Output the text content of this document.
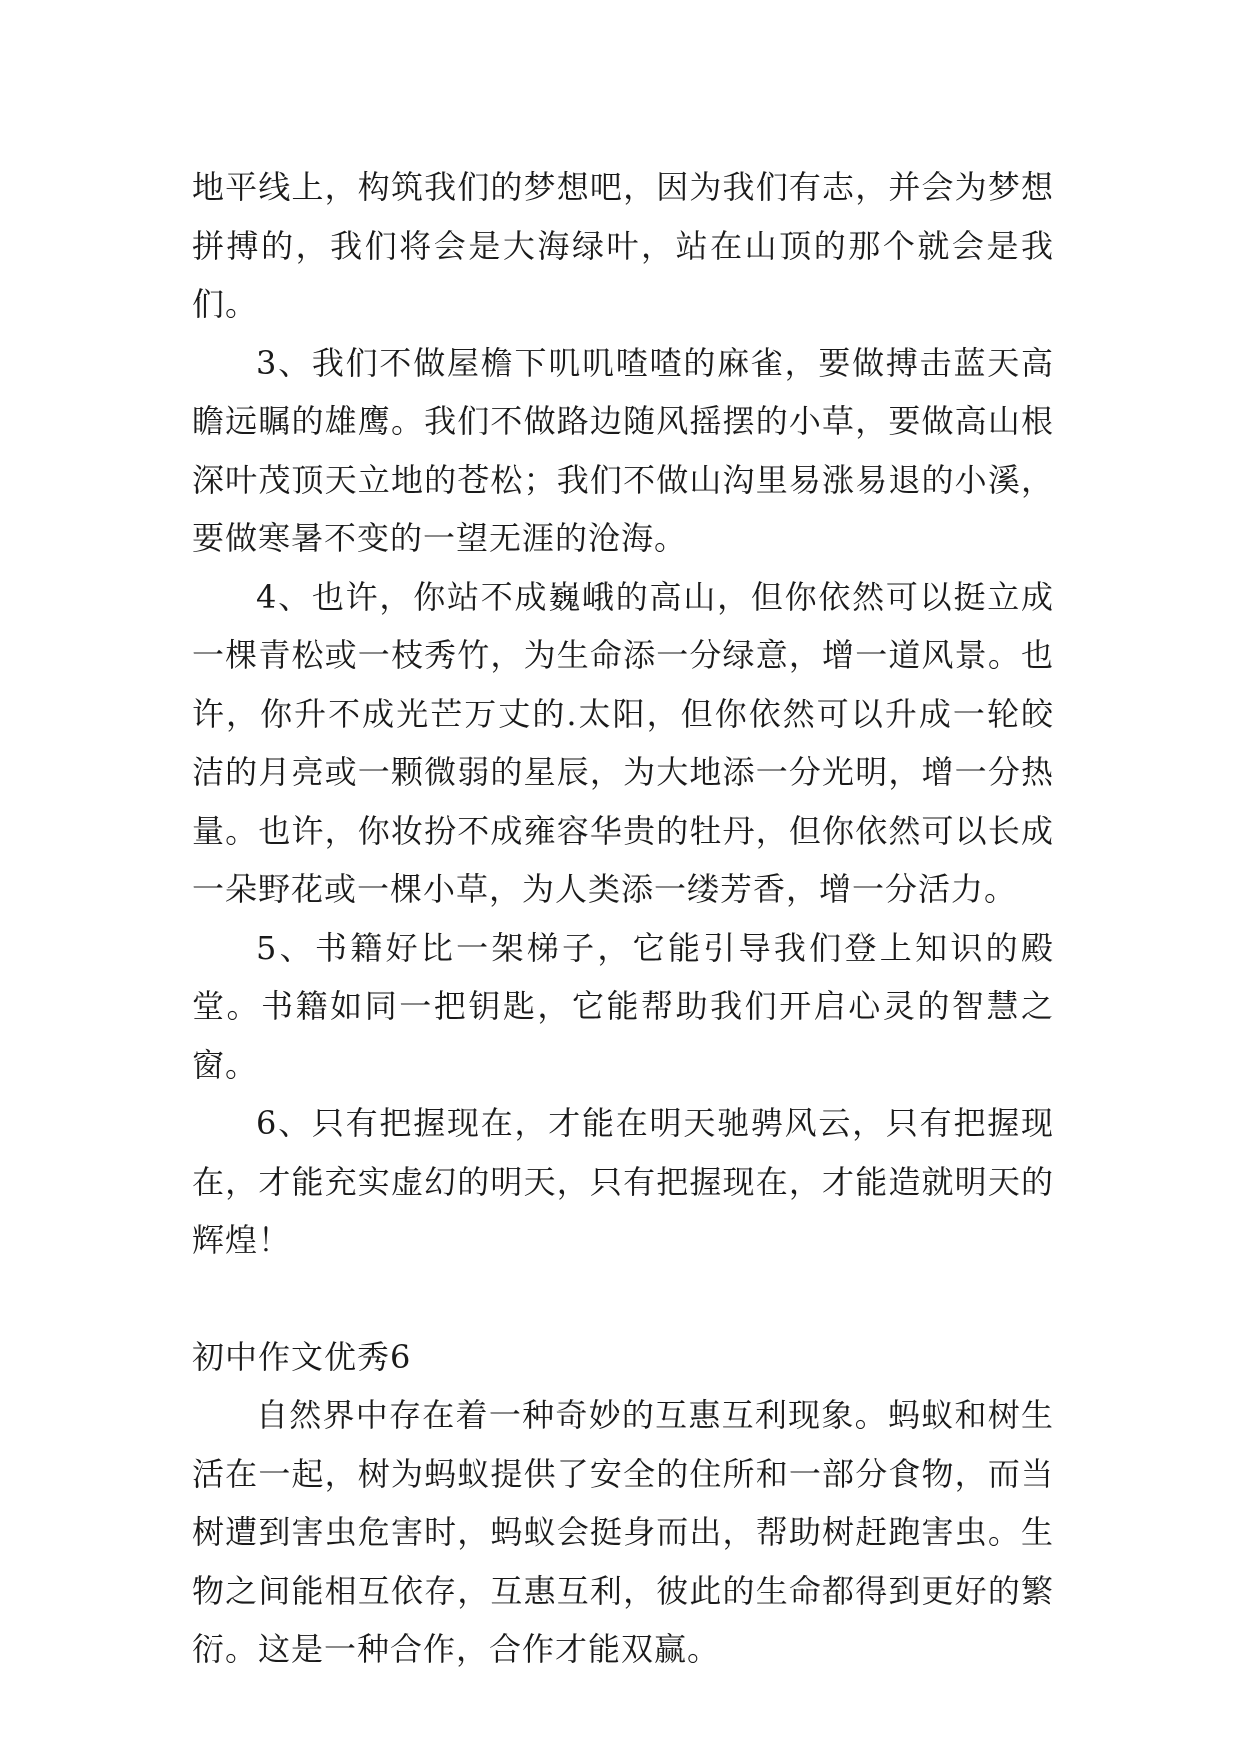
地平线上，构筑我们的梦想吧，因为我们有志，并会为梦想拼搏的，我们将会是大海绿叶，站在山顶的那个就会是我们。

3、我们不做屋檐下叽叽喳喳的麻雀，要做搏击蓝天高瞻远瞩的雄鹰。我们不做路边随风摇摆的小草，要做高山根深叶茂顶天立地的苍松；我们不做山沟里易涨易退的小溪，要做寒暑不变的一望无涯的沧海。

4、也许，你站不成巍峨的高山，但你依然可以挺立成一棵青松或一枝秀竹，为生命添一分绿意，增一道风景。也许，你升不成光芒万丈的.太阳，但你依然可以升成一轮皎洁的月亮或一颗微弱的星辰，为大地添一分光明，增一分热量。也许，你妆扮不成雍容华贵的牡丹，但你依然可以长成一朵野花或一棵小草，为人类添一缕芳香，增一分活力。

5、书籍好比一架梯子，它能引导我们登上知识的殿堂。书籍如同一把钥匙，它能帮助我们开启心灵的智慧之窗。

6、只有把握现在，才能在明天驰骋风云，只有把握现在，才能充实虚幻的明天，只有把握现在，才能造就明天的辉煌！

初中作文优秀6

自然界中存在着一种奇妙的互惠互利现象。蚂蚁和树生活在一起，树为蚂蚁提供了安全的住所和一部分食物，而当树遭到害虫危害时，蚂蚁会挺身而出，帮助树赶跑害虫。生物之间能相互依存，互惠互利，彼此的生命都得到更好的繁衍。这是一种合作，合作才能双赢。
